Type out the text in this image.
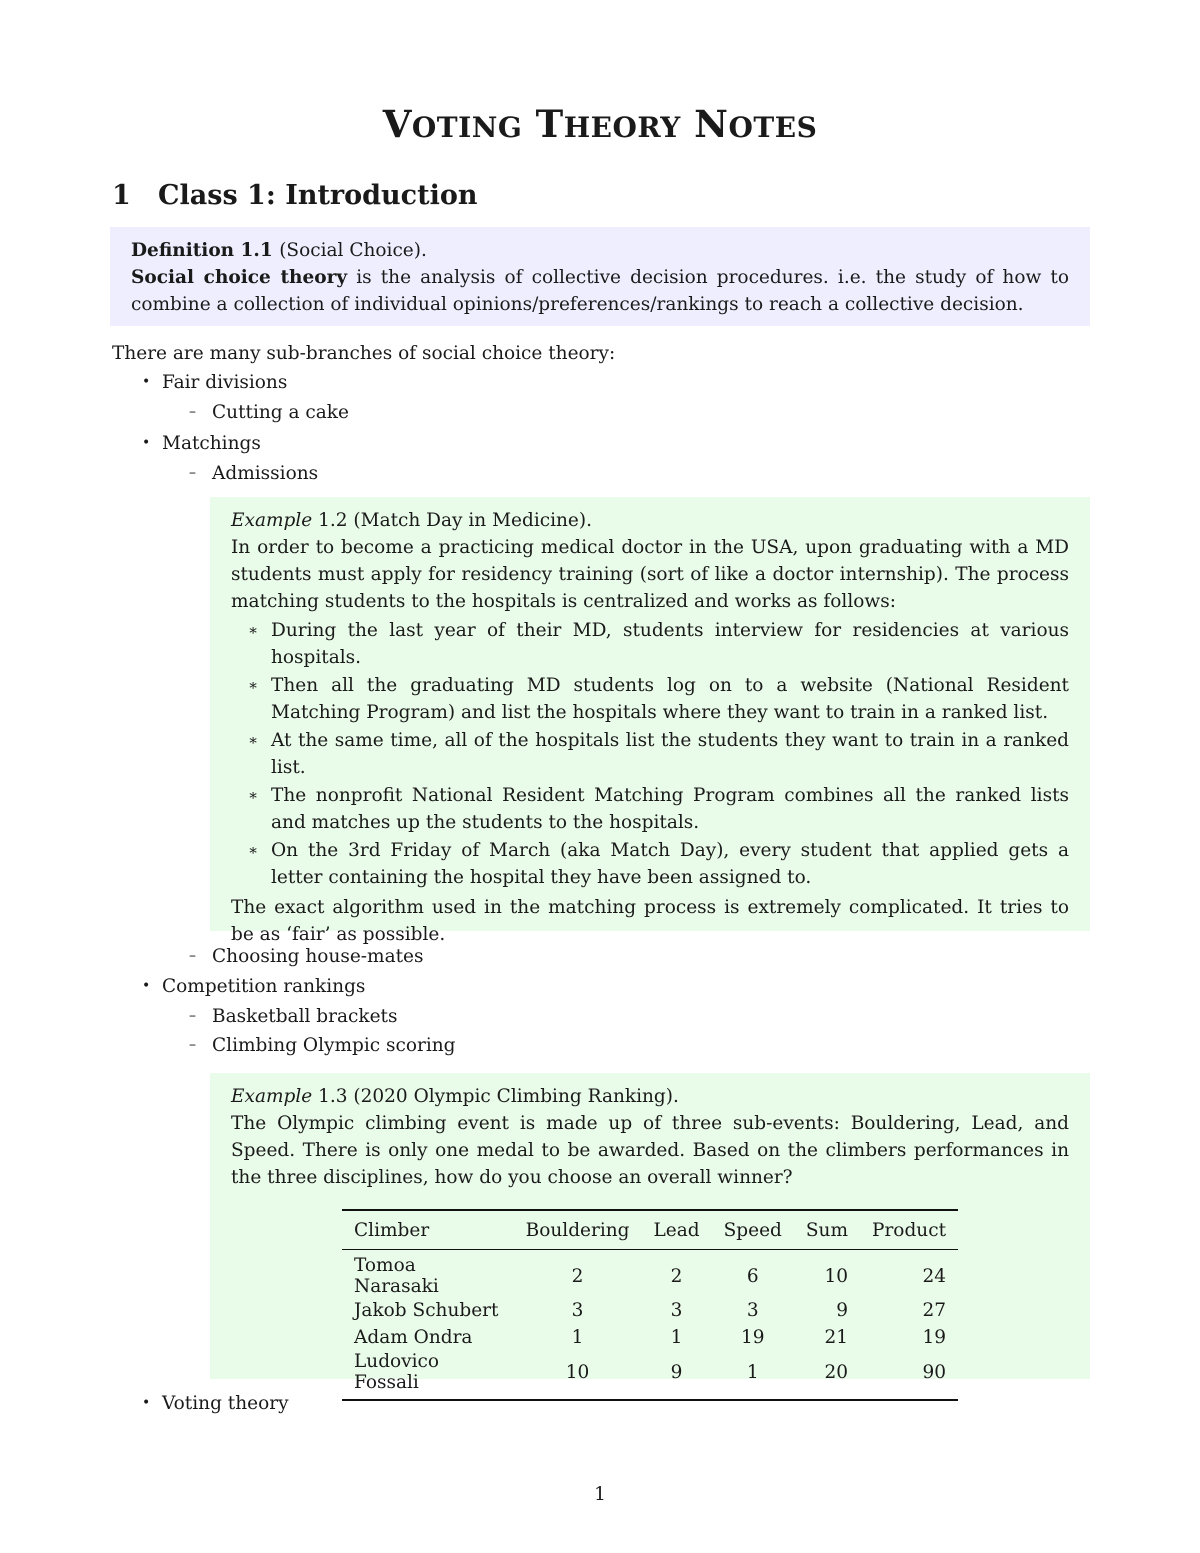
VOTING THEORY NOTES
1 Class 1: Introduction
Definition 1.1 (Social Choice).
Social choice theory is the analysis of collective decision procedures. i.e. the study of how to combine a collection of individual opinions/preferences/rankings to reach a collective decision.
There are many sub-branches of social choice theory:
• Fair divisions
– Cutting a cake
• Matchings
– Admissions
Example 1.2 (Match Day in Medicine).
In order to become a practicing medical doctor in the USA, upon graduating with a MD students must apply for residency training (sort of like a doctor internship). The process matching students to the hospitals is centralized and works as follows:
∗ During the last year of their MD, students interview for residencies at various hospitals.
∗ Then all the graduating MD students log on to a website (National Resident Matching Program) and list the hospitals where they want to train in a ranked list.
∗ At the same time, all of the hospitals list the students they want to train in a ranked list.
∗ The nonprofit National Resident Matching Program combines all the ranked lists and matches up the students to the hospitals.
∗ On the 3rd Friday of March (aka Match Day), every student that applied gets a letter containing the hospital they have been assigned to.
The exact algorithm used in the matching process is extremely complicated. It tries to be as ‘fair’ as possible.
– Choosing house-mates
• Competition rankings
– Basketball brackets
– Climbing Olympic scoring
Example 1.3 (2020 Olympic Climbing Ranking).
The Olympic climbing event is made up of three sub-events: Bouldering, Lead, and Speed. There is only one medal to be awarded. Based on the climbers performances in the three disciplines, how do you choose an overall winner?
Climber	Bouldering	Lead	Speed	Sum	Product
Tomoa Narasaki	2	2	6	10	24
Jakob Schubert	3	3	3	9	27
Adam Ondra	1	1	19	21	19
Ludovico Fossali	10	9	1	20	90
• Voting theory
1
